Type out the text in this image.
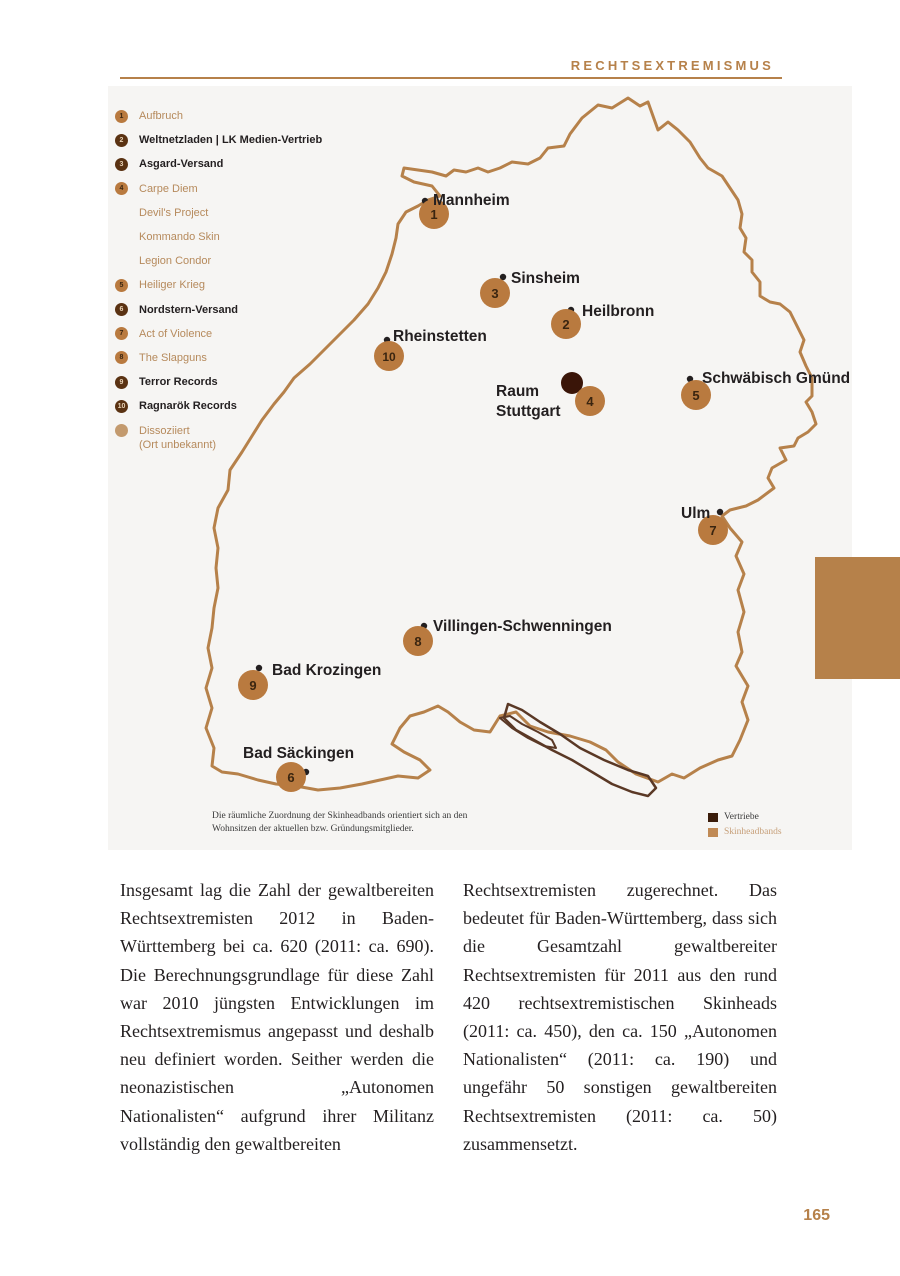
RECHTSEXTREMISMUS
1
2
3
4	5
6
7
8
9
10
Mannheim
Sinsheim
Heilbronn
Rheinstetten
Raum
Stuttgart
Schwäbisch Gmünd
Ulm
Villingen-Schwenningen
Bad Krozingen
Bad Säckingen
1	Aufbruch
2	Weltnetzladen | LK Medien-Vertrieb
3	Asgard-Versand
4	Carpe Diem
Devil's Project
Kommando Skin
Legion Condor
5	Heiliger Krieg
6	Nordstern-Versand
7	Act of Violence
8	The Slapguns
9	Terror Records
10 Ragnarök Records
Dissoziiert
(Ort unbekannt)
Die räumliche Zuordnung der Skinheadbands orientiert sich an den
Wohnsitzen der aktuellen bzw. Gründungsmitglieder.
Vertriebe
Skinheadbands
Insgesamt lag die Zahl der gewaltbereiten Rechtsextremisten 2012 in Baden-Württemberg bei ca. 620 (2011: ca. 690). Die Berechnungsgrundlage für diese Zahl war 2010 jüngsten Entwicklungen im Rechtsextremismus angepasst und deshalb neu definiert worden. Seither werden die neonazistischen „Autonomen Nationalisten“ aufgrund ihrer Militanz vollständig den gewaltbereiten
Rechtsextremisten zugerechnet. Das bedeutet für Baden-Württemberg, dass sich die Gesamtzahl gewaltbereiter Rechtsextremisten für 2011 aus den rund 420 rechtsextremistischen Skinheads (2011: ca. 450), den ca. 150 „Autonomen Nationalisten“ (2011: ca. 190) und ungefähr 50 sonstigen gewaltbereiten Rechtsextremisten (2011: ca. 50) zusammensetzt.
165
